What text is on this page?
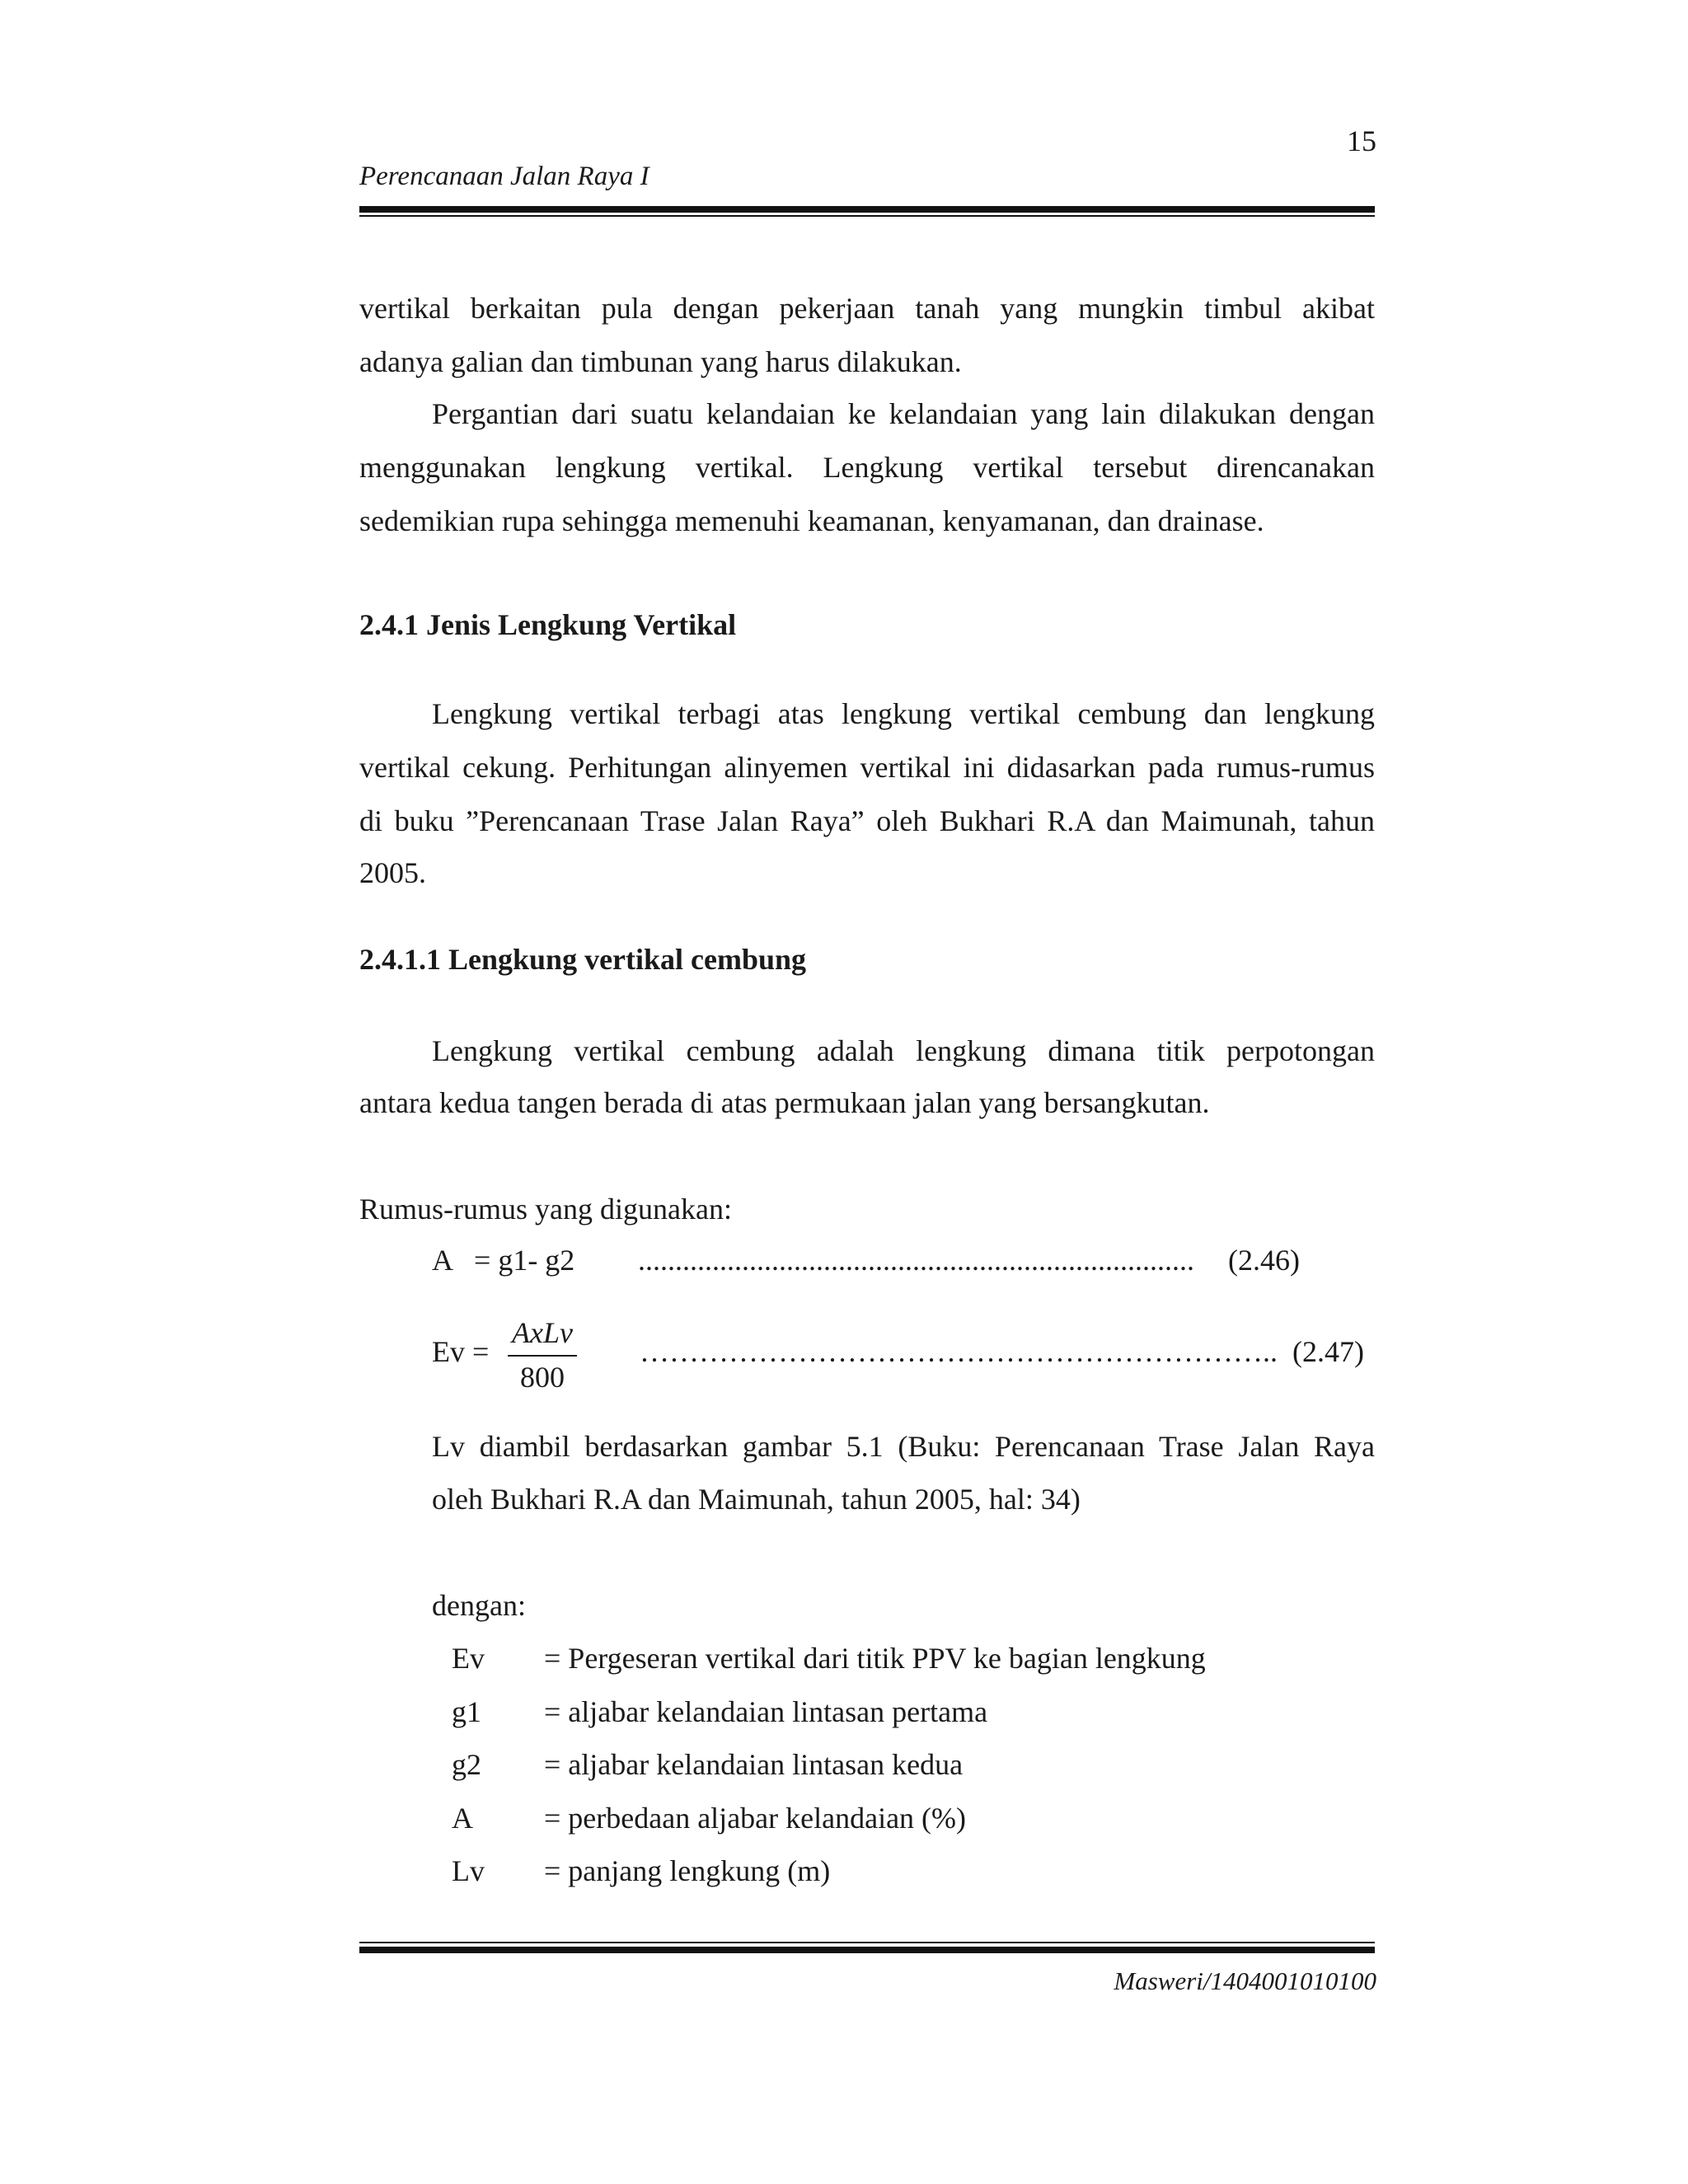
15
Perencanaan Jalan Raya I
vertikal berkaitan pula dengan pekerjaan tanah yang mungkin timbul akibat
adanya galian dan timbunan yang harus dilakukan.
Pergantian dari suatu kelandaian ke kelandaian yang lain dilakukan dengan
menggunakan lengkung vertikal. Lengkung vertikal tersebut direncanakan
sedemikian rupa sehingga memenuhi keamanan, kenyamanan, dan drainase.
2.4.1 Jenis Lengkung Vertikal
Lengkung vertikal terbagi atas lengkung vertikal cembung dan lengkung
vertikal cekung. Perhitungan alinyemen vertikal ini didasarkan pada rumus-rumus
di buku ”Perencanaan Trase Jalan Raya” oleh Bukhari R.A dan Maimunah, tahun
2005.
2.4.1.1 Lengkung vertikal cembung
Lengkung vertikal cembung adalah lengkung dimana titik perpotongan
antara kedua tangen berada di atas permukaan jalan yang bersangkutan.
Rumus-rumus yang digunakan:
A   = g1- g2 ...........................................................................	(2.46)
Ev =	……………………………………………………….. (2.47)
AxLv
800
Lv diambil berdasarkan gambar 5.1 (Buku: Perencanaan Trase Jalan Raya
oleh Bukhari R.A dan Maimunah, tahun 2005, hal: 34)
dengan:
Ev = Pergeseran vertikal dari titik PPV ke bagian lengkung
g1 = aljabar kelandaian lintasan pertama
g2 = aljabar kelandaian lintasan kedua
A = perbedaan aljabar kelandaian (%)
Lv = panjang lengkung (m)
Masweri/1404001010100
